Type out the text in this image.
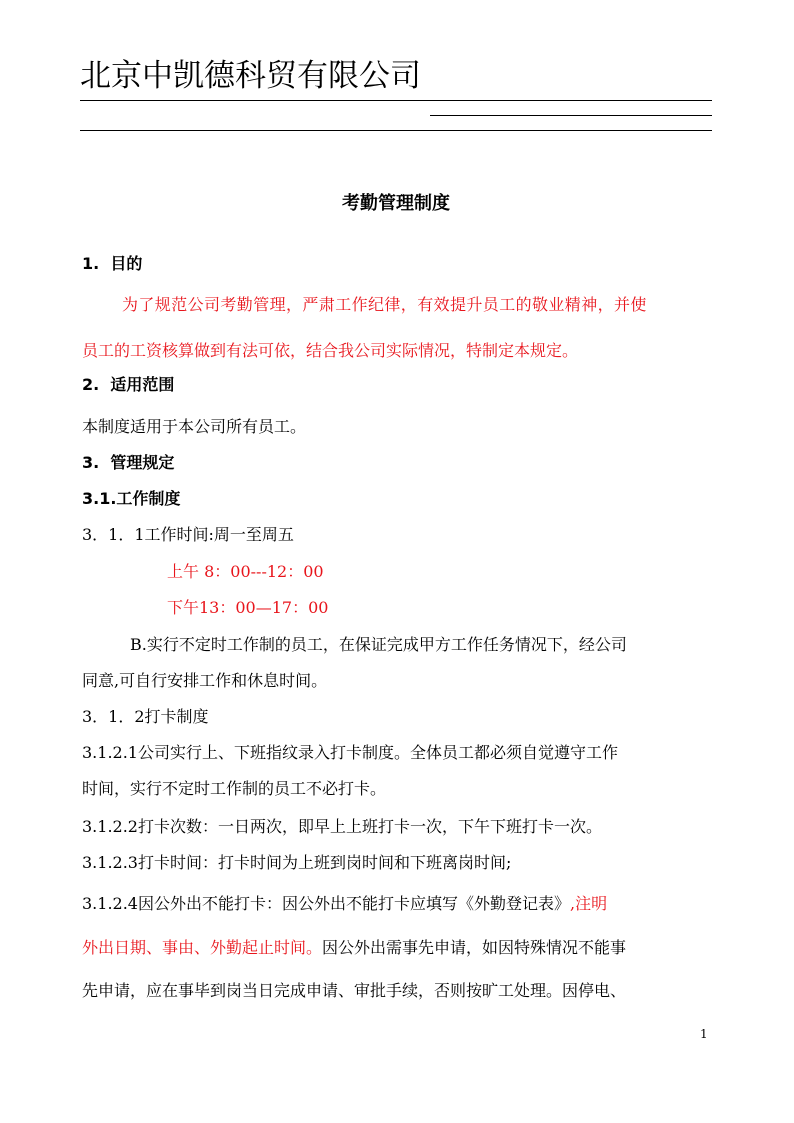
北京中凯德科贸有限公司
考勤管理制度
1. 目的
为了规范公司考勤管理，严肃工作纪律，有效提升员工的敬业精神，并使
员工的工资核算做到有法可依，结合我公司实际情况，特制定本规定。
2. 适用范围
本制度适用于本公司所有员工。
3. 管理规定
3.1.工作制度
3．1．1工作时间:周一至周五
上午 8：00---12：00
下午13：00—17：00
B.实行不定时工作制的员工，在保证完成甲方工作任务情况下，经公司
同意,可自行安排工作和休息时间。
3．1．2打卡制度
3.1.2.1公司实行上、下班指纹录入打卡制度。全体员工都必须自觉遵守工作
时间，实行不定时工作制的员工不必打卡。
3.1.2.2打卡次数：一日两次，即早上上班打卡一次，下午下班打卡一次。
3.1.2.3打卡时间：打卡时间为上班到岗时间和下班离岗时间;
3.1.2.4因公外出不能打卡：因公外出不能打卡应填写《外勤登记表》,注明
外出日期、事由、外勤起止时间。因公外出需事先申请，如因特殊情况不能事
先申请，应在事毕到岗当日完成申请、审批手续，否则按旷工处理。因停电、
1
